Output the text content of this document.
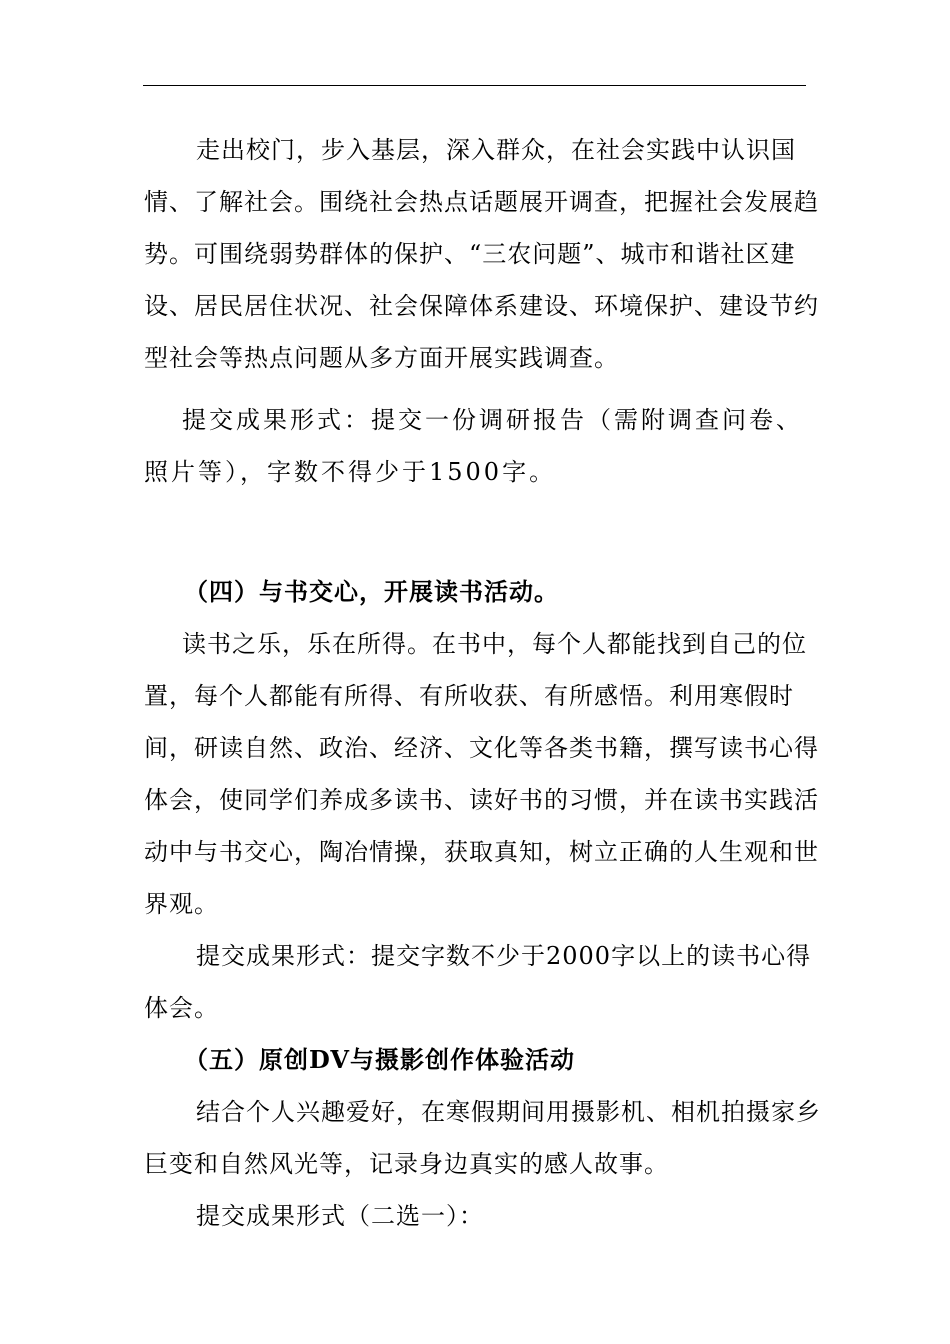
走出校门，步入基层，深入群众，在社会实践中认识国情、了解社会。围绕社会热点话题展开调查，把握社会发展趋势。可围绕弱势群体的保护、“三农问题”、城市和谐社区建设、居民居住状况、社会保障体系建设、环境保护、建设节约型社会等热点问题从多方面开展实践调查。

提交成果形式：提交一份调研报告（需附调查问卷、照片等），字数不得少于1500字。

（四）与书交心，开展读书活动。

读书之乐，乐在所得。在书中，每个人都能找到自己的位置，每个人都能有所得、有所收获、有所感悟。利用寒假时间，研读自然、政治、经济、文化等各类书籍，撰写读书心得体会，使同学们养成多读书、读好书的习惯，并在读书实践活动中与书交心，陶冶情操，获取真知，树立正确的人生观和世界观。

提交成果形式：提交字数不少于2000字以上的读书心得体会。

（五）原创DV与摄影创作体验活动

结合个人兴趣爱好，在寒假期间用摄影机、相机拍摄家乡巨变和自然风光等，记录身边真实的感人故事。

提交成果形式（二选一）：
